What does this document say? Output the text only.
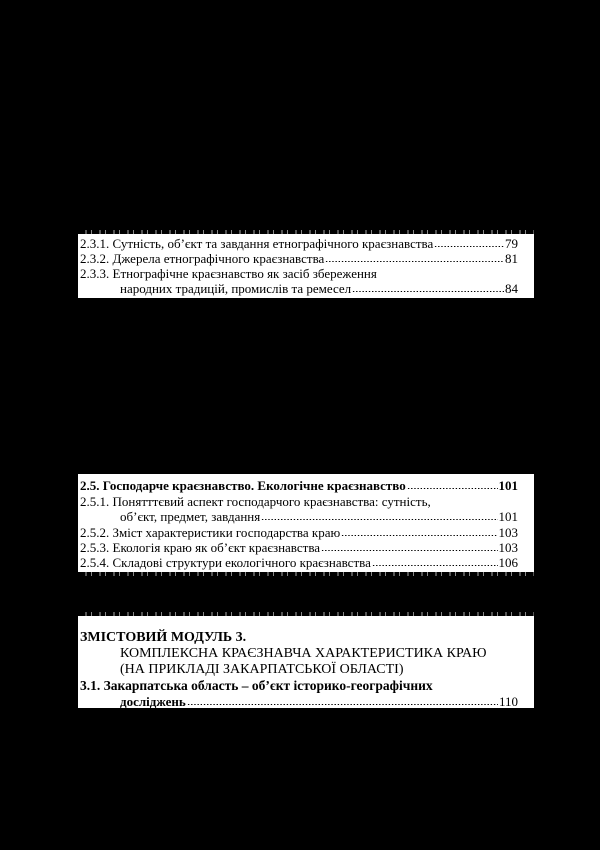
2.3.1. Сутність, об’єкт та завдання етнографічного краєзнавства	79
2.3.2. Джерела етнографічного краєзнавства	81
2.3.3. Етнографічне краєзнавство як засіб збереження
народних традицій, промислів та ремесел	84
2.5. Господарче краєзнавство. Екологічне краєзнавство	101
2.5.1. Понятттєвий аспект господарчого краєзнавства: сутність,
об’єкт, предмет, завдання	101
2.5.2. Зміст характеристики господарства краю	103
2.5.3. Екологія краю як об’єкт краєзнавства	103
2.5.4. Складові структури екологічного краєзнавства	106
ЗМІСТОВИЙ МОДУЛЬ 3.
КОМПЛЕКСНА КРАЄЗНАВЧА ХАРАКТЕРИСТИКА КРАЮ
(НА ПРИКЛАДІ ЗАКАРПАТСЬКОЇ ОБЛАСТІ)
3.1. Закарпатська область – об’єкт історико-географічних
досліджень	110
